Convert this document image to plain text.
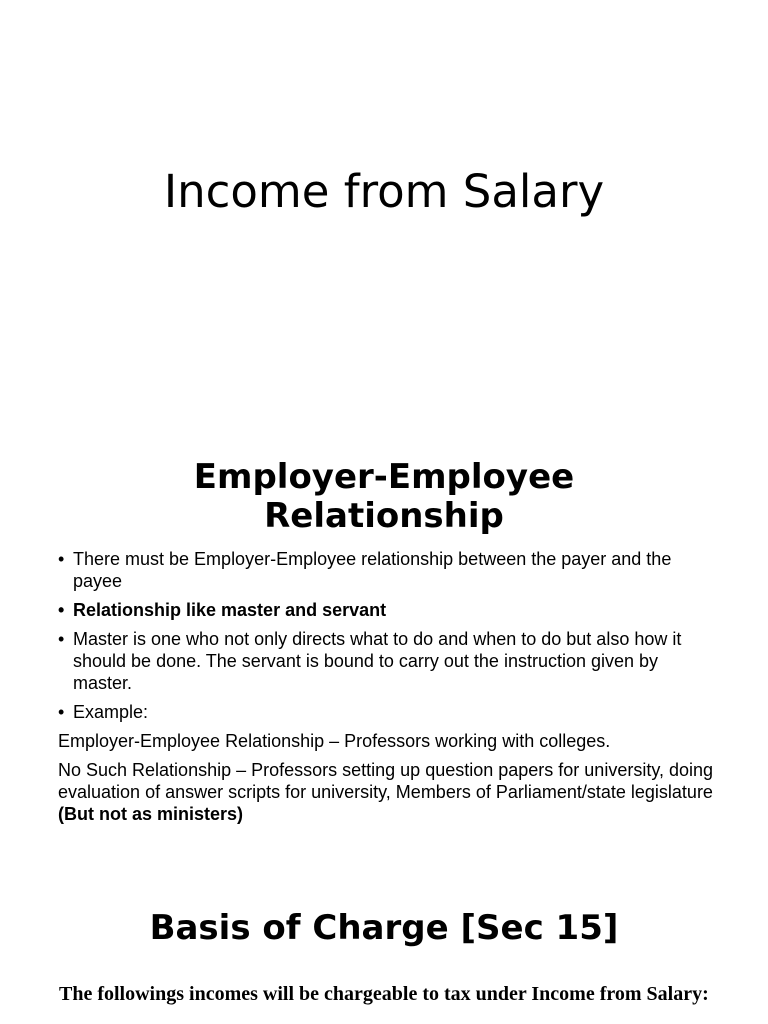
Income from Salary
Employer-Employee
Relationship

• There must be Employer-Employee relationship between the payer and the payee

• Relationship like master and servant

• Master is one who not only directs what to do and when to do but also how it should be done. The servant is bound to carry out the instruction given by master.

• Example:

Employer-Employee Relationship – Professors working with colleges.

No Such Relationship – Professors setting up question papers for university, doing evaluation of answer scripts for university, Members of Parliament/state legislature (But not as ministers)

Basis of Charge [Sec 15]

The followings incomes will be chargeable to tax under Income from Salary:
